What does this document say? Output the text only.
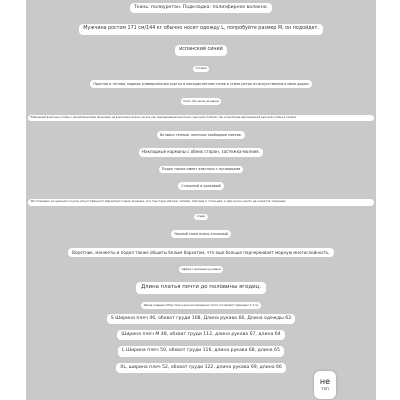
Ткань: полиуретан. Подкладка: полиэфирное волокно.
Мужчина ростом 171 см/144 кг обычно носит одежду L, попробуйте размер M, он подойдет.
испанский синий
оптовая
Простая и теплая, модная универсальная куртка в мотоциклетном стиле в стиле ретро из искусственного меха дарны
Слой, оба чехла не дарны
Небольшой воротник-стойка с металлическими пряжками на воротнике можно носить как повседневный воротник с высокой стойкой, так и при более вертикальной высокой стойке в теплых
Вставки теплые, женские свободные мягкие.
Накладные карманы с обеих сторон, застежка-молния.
Подол также имеет эластики с пуговицами
Стильный и красивый
Изготовлено из цельного куска искусственного бархатного меха ягненка, его текстура мягкая, теплая, плотная и стильная, и при носке ничто не кажется тяжелым.
отдам
Черный тоже очень стильный
Воротник, манжеты и подол также обшиты белым бархатом, что еще больше подчеркивает модную многослойность.
эффект длинных рукавов
Длина платья почти до половины ягодиц.
Длина в вашем отбор пиза в ручном измерении почти составляет примерно ± 3 см
S Ширина плеч 46, обхват груди 108, Длина рукава 66, Длина одежды 63
Ширина плеч M 48, обхват груди 112, длина рукава 67, длина 64
L Ширина плеч 50, обхват груди 116, длина рукава 68, длина 65
XL, ширина плеч 52, обхват груди 122, длина рукава 69, длина 66
не
топ
